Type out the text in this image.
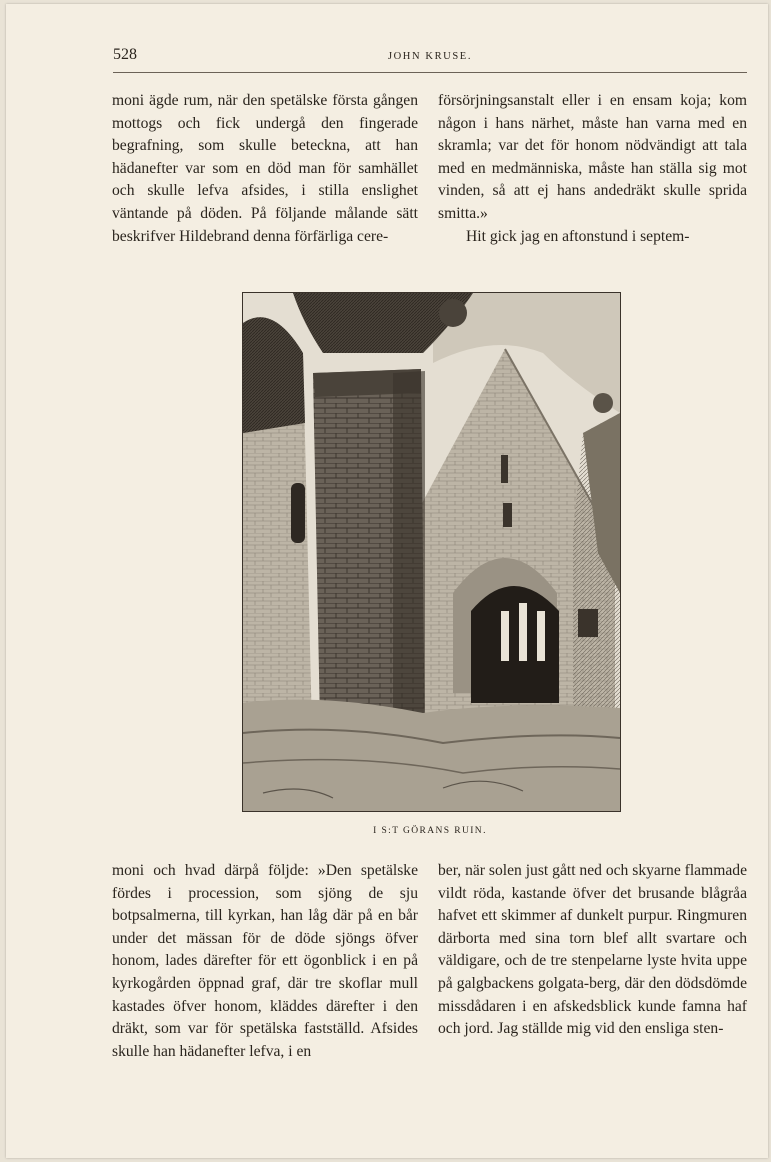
528	JOHN KRUSE.

moni ägde rum, när den spetälske första gången mottogs och fick undergå den fingerade begrafning, som skulle beteckna, att han hädanefter var som en död man för samhället och skulle lefva afsides, i stilla enslighet väntande på döden. På följande målande sätt beskrifver Hildebrand denna förfärliga cere-

försörjningsanstalt eller i en ensam koja; kom någon i hans närhet, måste han varna med en skramla; var det för honom nödvändigt att tala med en medmänniska, måste han ställa sig mot vinden, så att ej hans andedräkt skulle sprida smitta.»

Hit gick jag en aftonstund i septem-

I S:T GÖRANS RUIN.

moni och hvad därpå följde: »Den spetälske fördes i procession, som sjöng de sju botpsalmerna, till kyrkan, han låg där på en bår under det mässan för de döde sjöngs öfver honom, lades därefter för ett ögonblick i en på kyrkogården öppnad graf, där tre skoflar mull kastades öfver honom, kläddes därefter i den dräkt, som var för spetälska fastställd. Afsides skulle han hädanefter lefva, i en

ber, när solen just gått ned och skyarne flammade vildt röda, kastande öfver det brusande blågråa hafvet ett skimmer af dunkelt purpur. Ringmuren därborta med sina torn blef allt svartare och väldigare, och de tre stenpelarne lyste hvita uppe på galgbackens golgata-berg, där den dödsdömde missdådaren i en afskedsblick kunde famna haf och jord. Jag ställde mig vid den ensliga sten-
